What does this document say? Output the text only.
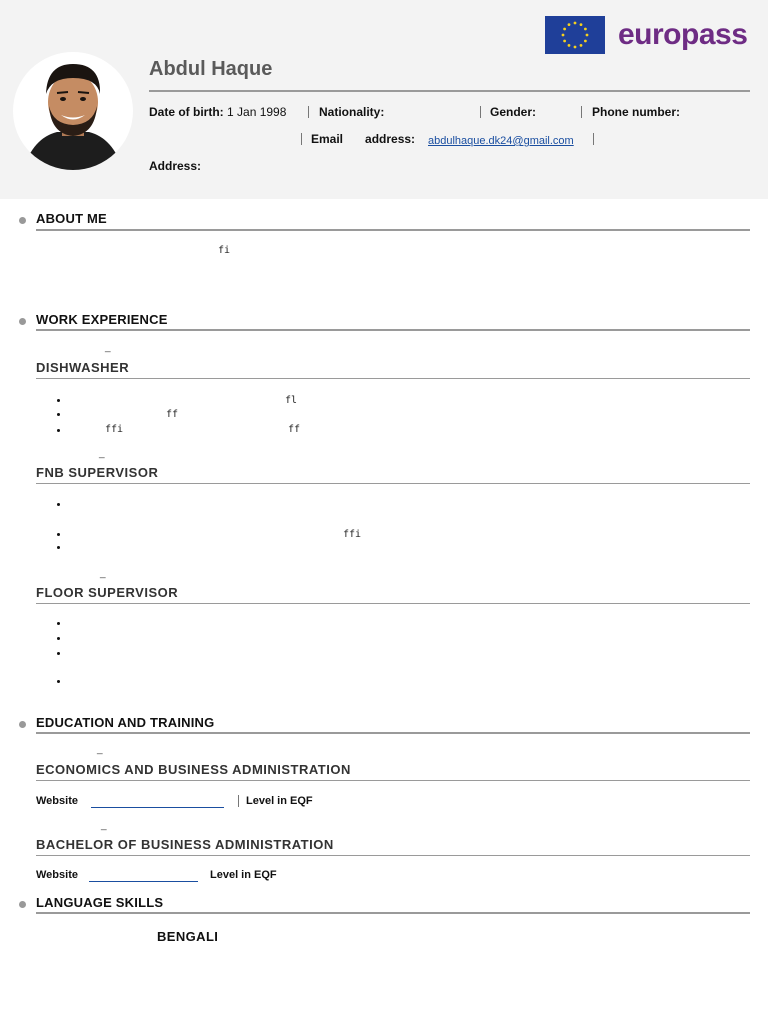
europass
Abdul Haque
Date of birth: 1 Jan 1998	Nationality:	Gender:	Phone number:
Email address: abdulhaque.dk24@gmail.com
Address:
ABOUT ME
fi
WORK EXPERIENCE
_
DISHWASHER
fl
ff
ffi	ff
_
FNB SUPERVISOR
ffi
_
FLOOR SUPERVISOR
EDUCATION AND TRAINING
_
ECONOMICS AND BUSINESS ADMINISTRATION
Website	Level in EQF
_
BACHELOR OF BUSINESS ADMINISTRATION
Website	Level in EQF
LANGUAGE SKILLS
BENGALI
